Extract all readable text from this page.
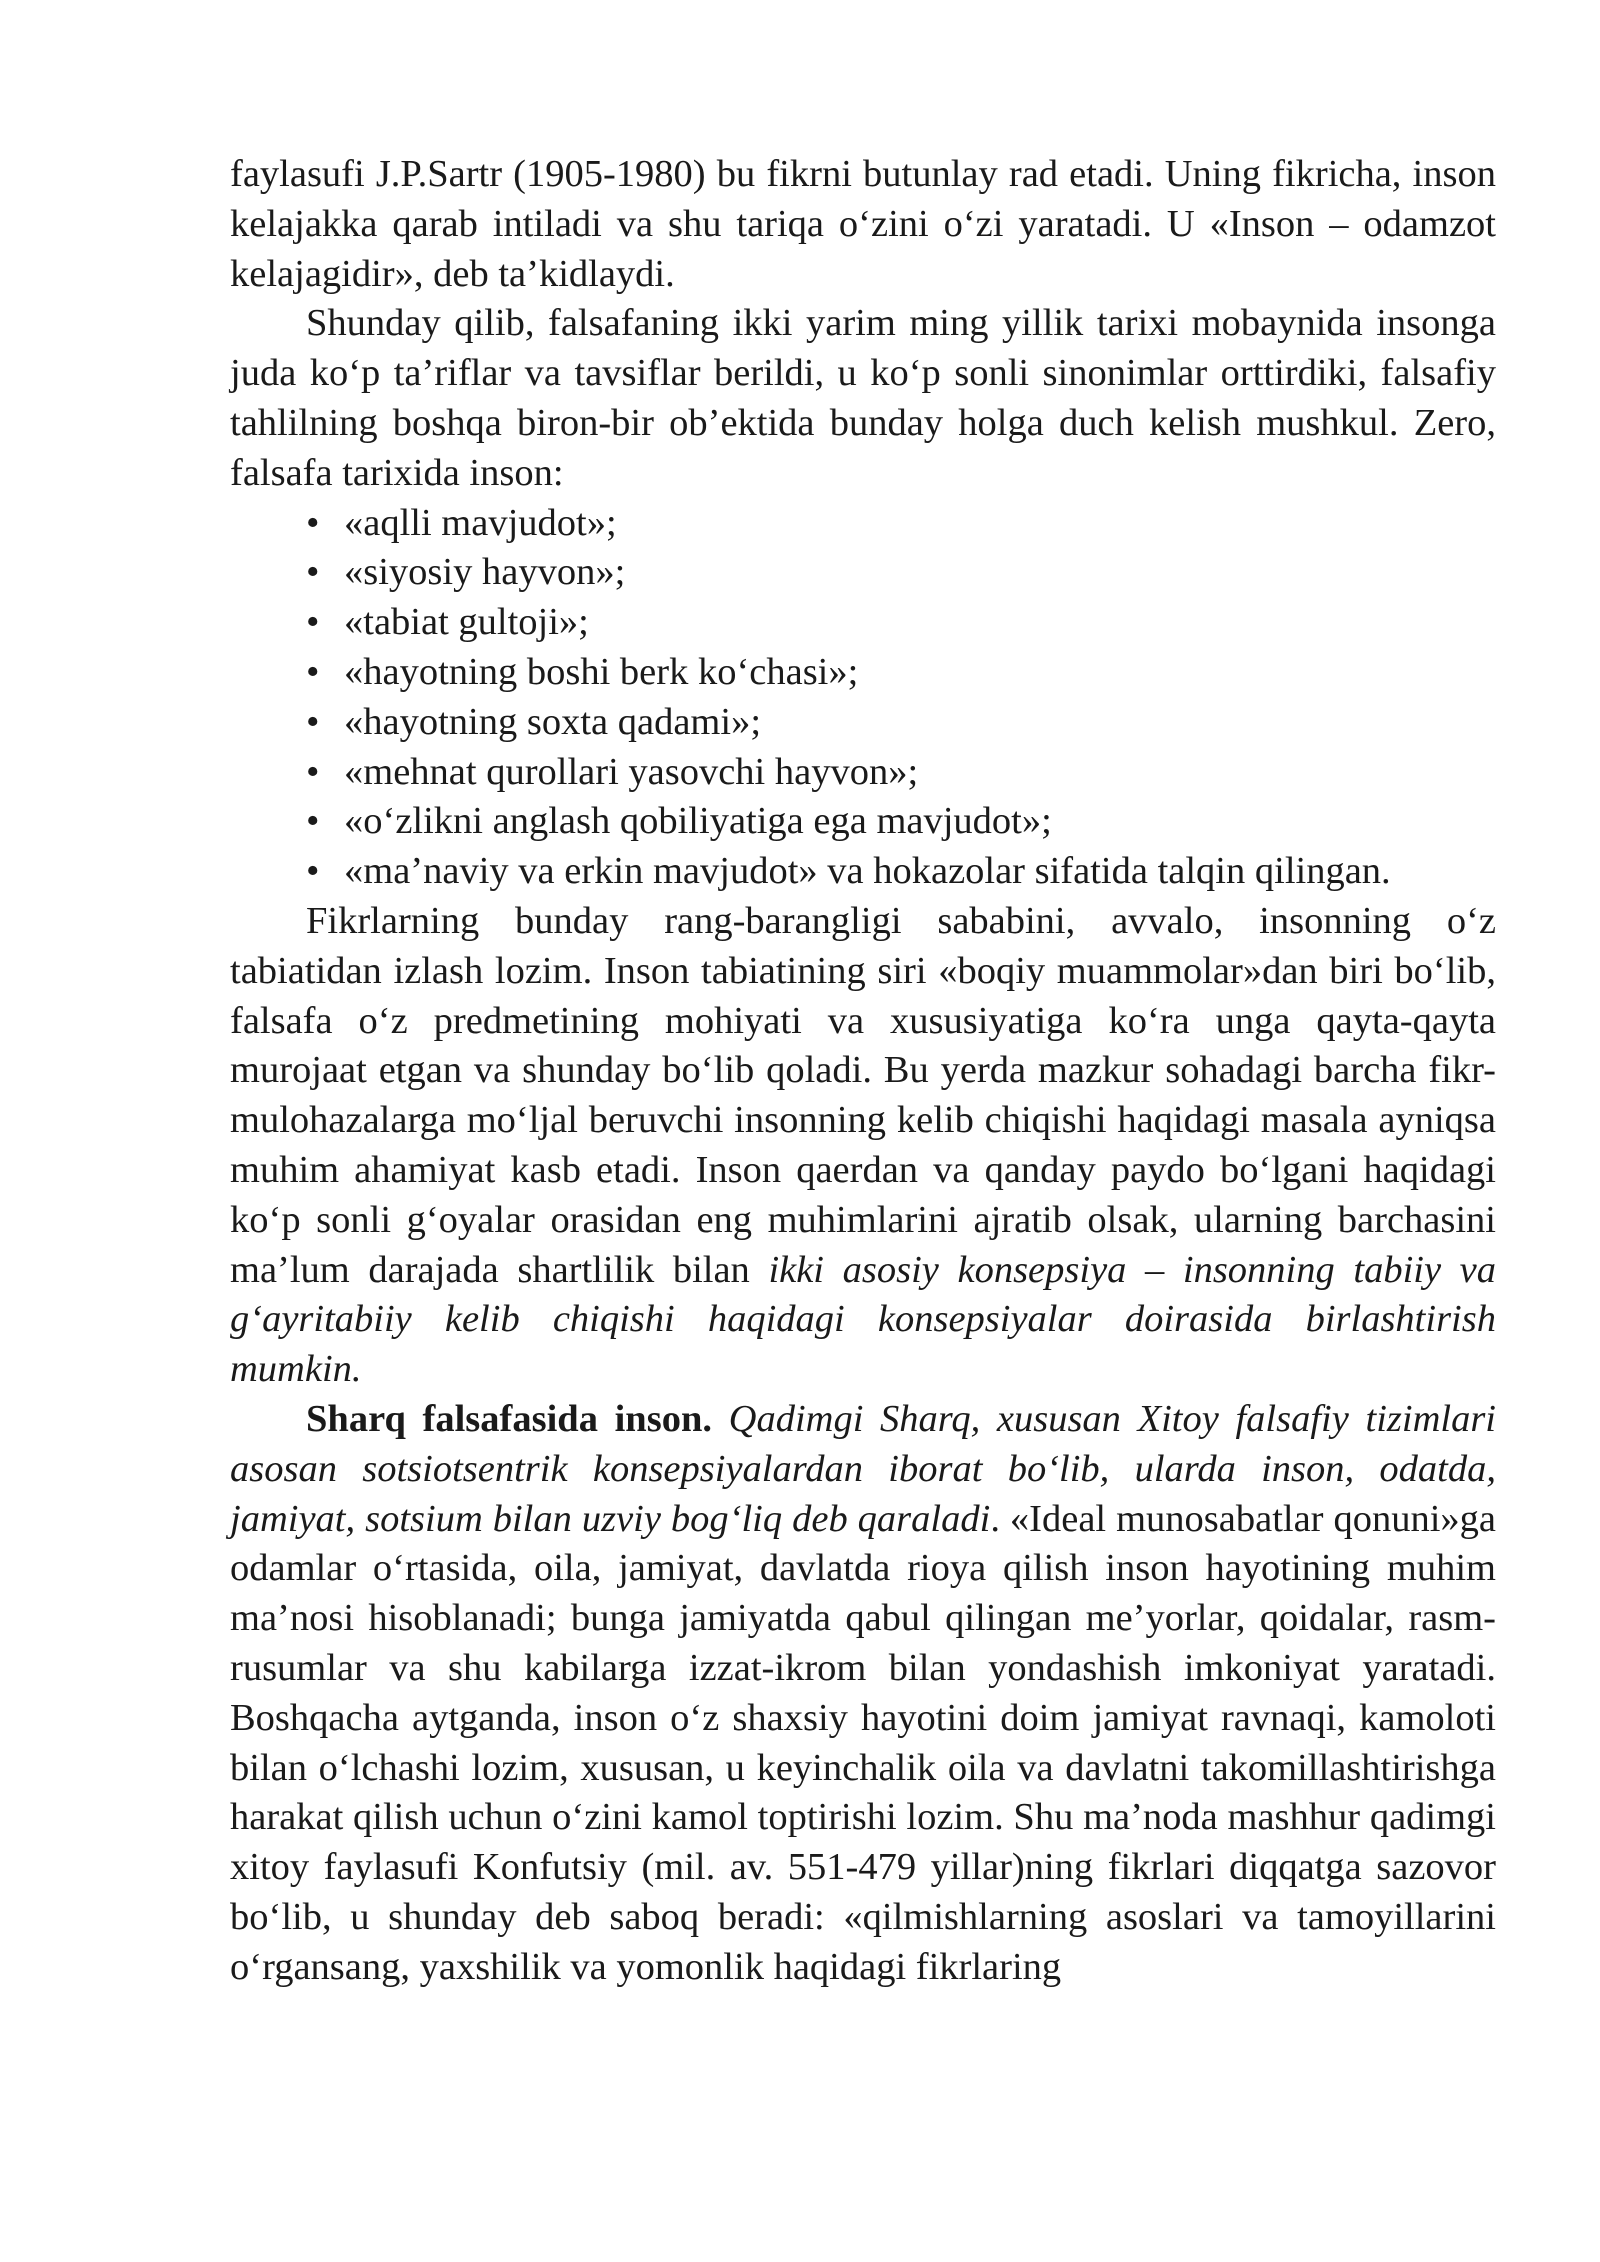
faylasufi J.P.Sartr (1905-1980) bu fikrni butunlay rad etadi. Uning fikricha, inson kelajakka qarab intiladi va shu tariqa o‘zini o‘zi yaratadi. U «Inson – odamzot kelajagidir», deb ta’kidlaydi.

Shunday qilib, falsafaning ikki yarim ming yillik tarixi mobaynida insonga juda ko‘p ta’riflar va tavsiflar berildi, u ko‘p sonli sinonimlar orttirdiki, falsafiy tahlilning boshqa biron-bir ob’ektida bunday holga duch kelish mushkul. Zero, falsafa tarixida inson:

• «aqlli mavjudot»;
• «siyosiy hayvon»;
• «tabiat gultoji»;
• «hayotning boshi berk ko‘chasi»;
• «hayotning soxta qadami»;
• «mehnat qurollari yasovchi hayvon»;
• «o‘zlikni anglash qobiliyatiga ega mavjudot»;
• «ma’naviy va erkin mavjudot» va hokazolar sifatida talqin qilingan.

Fikrlarning bunday rang-barangligi sababini, avvalo, insonning o‘z tabiatidan izlash lozim. Inson tabiatining siri «boqiy muammolar»dan biri bo‘lib, falsafa o‘z predmetining mohiyati va xususiyatiga ko‘ra unga qayta-qayta murojaat etgan va shunday bo‘lib qoladi. Bu yerda mazkur sohadagi barcha fikr-mulohazalarga mo‘ljal beruvchi insonning kelib chiqishi haqidagi masala ayniqsa muhim ahamiyat kasb etadi. Inson qaerdan va qanday paydo bo‘lgani haqidagi ko‘p sonli g‘oyalar orasidan eng muhimlarini ajratib olsak, ularning barchasini ma’lum darajada shartlilik bilan ikki asosiy konsepsiya – insonning tabiiy va g‘ayritabiiy kelib chiqishi haqidagi konsepsiyalar doirasida birlashtirish mumkin.

Sharq falsafasida inson. Qadimgi Sharq, xususan Xitoy falsafiy tizimlari asosan sotsiotsentrik konsepsiyalardan iborat bo‘lib, ularda inson, odatda, jamiyat, sotsium bilan uzviy bog‘liq deb qaraladi. «Ideal munosabatlar qonuni»ga odamlar o‘rtasida, oila, jamiyat, davlatda rioya qilish inson hayotining muhim ma’nosi hisoblanadi; bunga jamiyatda qabul qilingan me’yorlar, qoidalar, rasm-rusumlar va shu kabilarga izzat-ikrom bilan yondashish imkoniyat yaratadi. Boshqacha aytganda, inson o‘z shaxsiy hayotini doim jamiyat ravnaqi, kamoloti bilan o‘lchashi lozim, xususan, u keyinchalik oila va davlatni takomillashtirishga harakat qilish uchun o‘zini kamol toptirishi lozim. Shu ma’noda mashhur qadimgi xitoy faylasufi Konfutsiy (mil. av. 551-479 yillar)ning fikrlari diqqatga sazovor bo‘lib, u shunday deb saboq beradi: «qilmishlarning asoslari va tamoyillarini o‘rgansang, yaxshilik va yomonlik haqidagi fikrlaring
